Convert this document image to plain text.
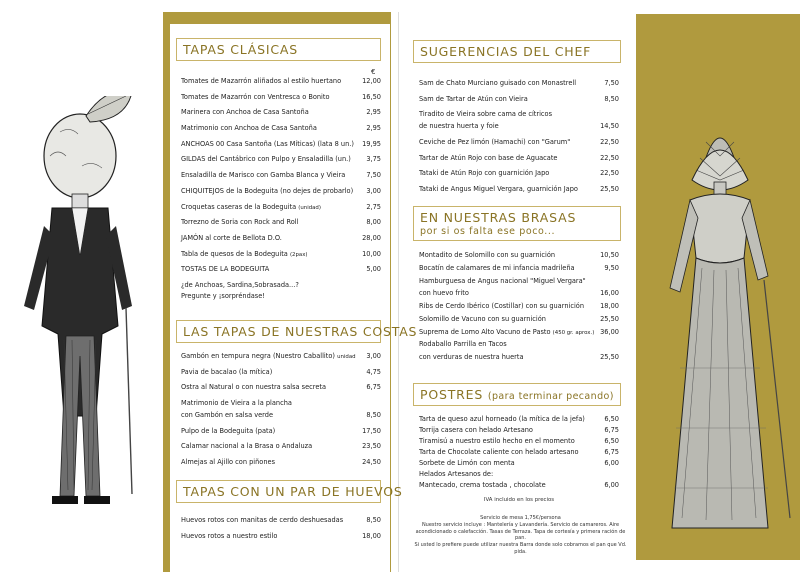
TAPAS CLÁSICAS
€
Tomates de Mazarrón aliñados al estilo huertano	12,00
Tomates de Mazarrón con Ventresca o Bonito	16,50
Marinera con Anchoa de Casa Santoña	2,95
Matrimonio con Anchoa de Casa Santoña	2,95
ANCHOAS 00 Casa Santoña (Las Míticas) (lata 8 un.) 19,95
GILDAS del Cantábrico con Pulpo y Ensaladilla (un.) 3,75
Ensaladilla de Marisco con Gamba Blanca y Vieira	7,50
CHIQUITEJOS de la Bodeguita (no dejes de probarlo) 3,00
Croquetas caseras de la Bodeguita (unidad)	2,75
Torrezno de Soria con Rock and Roll	8,00
JAMÓN al corte de Bellota D.O.	28,00
Tabla de quesos de la Bodeguita (2pax)	10,00
TOSTAS DE LA BODEGUITA	5,00
¿de Anchoas, Sardina,Sobrasada...?
Pregunte y ¡sorpréndase!
LAS TAPAS DE NUESTRAS COSTAS
Gambón en tempura negra (Nuestro Caballito) unidad 3,00
Pavia de bacalao (la mítica)	4,75
Ostra al Natural o con nuestra salsa secreta	6,75
Matrimonio de Vieira a la plancha
con Gambón en salsa verde	8,50
Pulpo de la Bodeguita (pata)	17,50
Calamar nacional a la Brasa o Andaluza	23,50
Almejas al Ajillo con piñones	24,50
TAPAS CON UN PAR DE HUEVOS
Huevos rotos con manitas de cerdo deshuesadas	8,50
Huevos rotos a nuestro estilo	18,00
SUGERENCIAS DEL CHEF
Sam de Chato Murciano guisado con Monastrell	7,50
Sam de Tartar de Atún con Vieira	8,50
Tiradito de Vieira sobre cama de cítricos
de nuestra huerta y foie	14,50
Ceviche de Pez limón (Hamachi) con "Garum"	22,50
Tartar de Atún Rojo con base de Aguacate	22,50
Tataki de Atún Rojo con guarnición Japo	22,50
Tataki de Angus Miguel Vergara, guarnición Japo	25,50
EN NUESTRAS BRASAS
por si os falta ese poco...
Montadito de Solomillo con su guarnición	10,50
Bocatín de calamares de mi infancia madrileña	9,50
Hamburguesa de Angus nacional "Miguel Vergara"
con huevo frito	16,00
Ribs de Cerdo Ibérico (Costillar) con su guarnición 18,00
Solomillo de Vacuno con su guarnición	25,50
Suprema de Lomo Alto Vacuno de Pasto (450 gr. aprox.) 36,00
Rodaballo Parrilla en Tacos
con verduras de nuestra huerta	25,50
POSTRES (para terminar pecando)
Tarta de queso azul horneado (la mítica de la jefa)	6,50
Torrija casera con helado Artesano	6,75
Tiramisú a nuestro estilo hecho en el momento	6,50
Tarta de Chocolate caliente con helado artesano	6,75
Sorbete de Limón con menta	6,00
Helados Artesanos de:
Mantecado, crema tostada , chocolate	6,00
IVA incluido en los precios
Servicio de mesa 1,75€/persona
Nuestro servicio incluye : Mantelería y Lavandería. Servicio de camareros. Aire
acondicionado o calefacción. Tasas de Terraza. Tapa de cortesía y primera ración de pan.
Si usted lo prefiere puede utilizar nuestra Barra donde solo cobramos el pan que Vd. pida.
